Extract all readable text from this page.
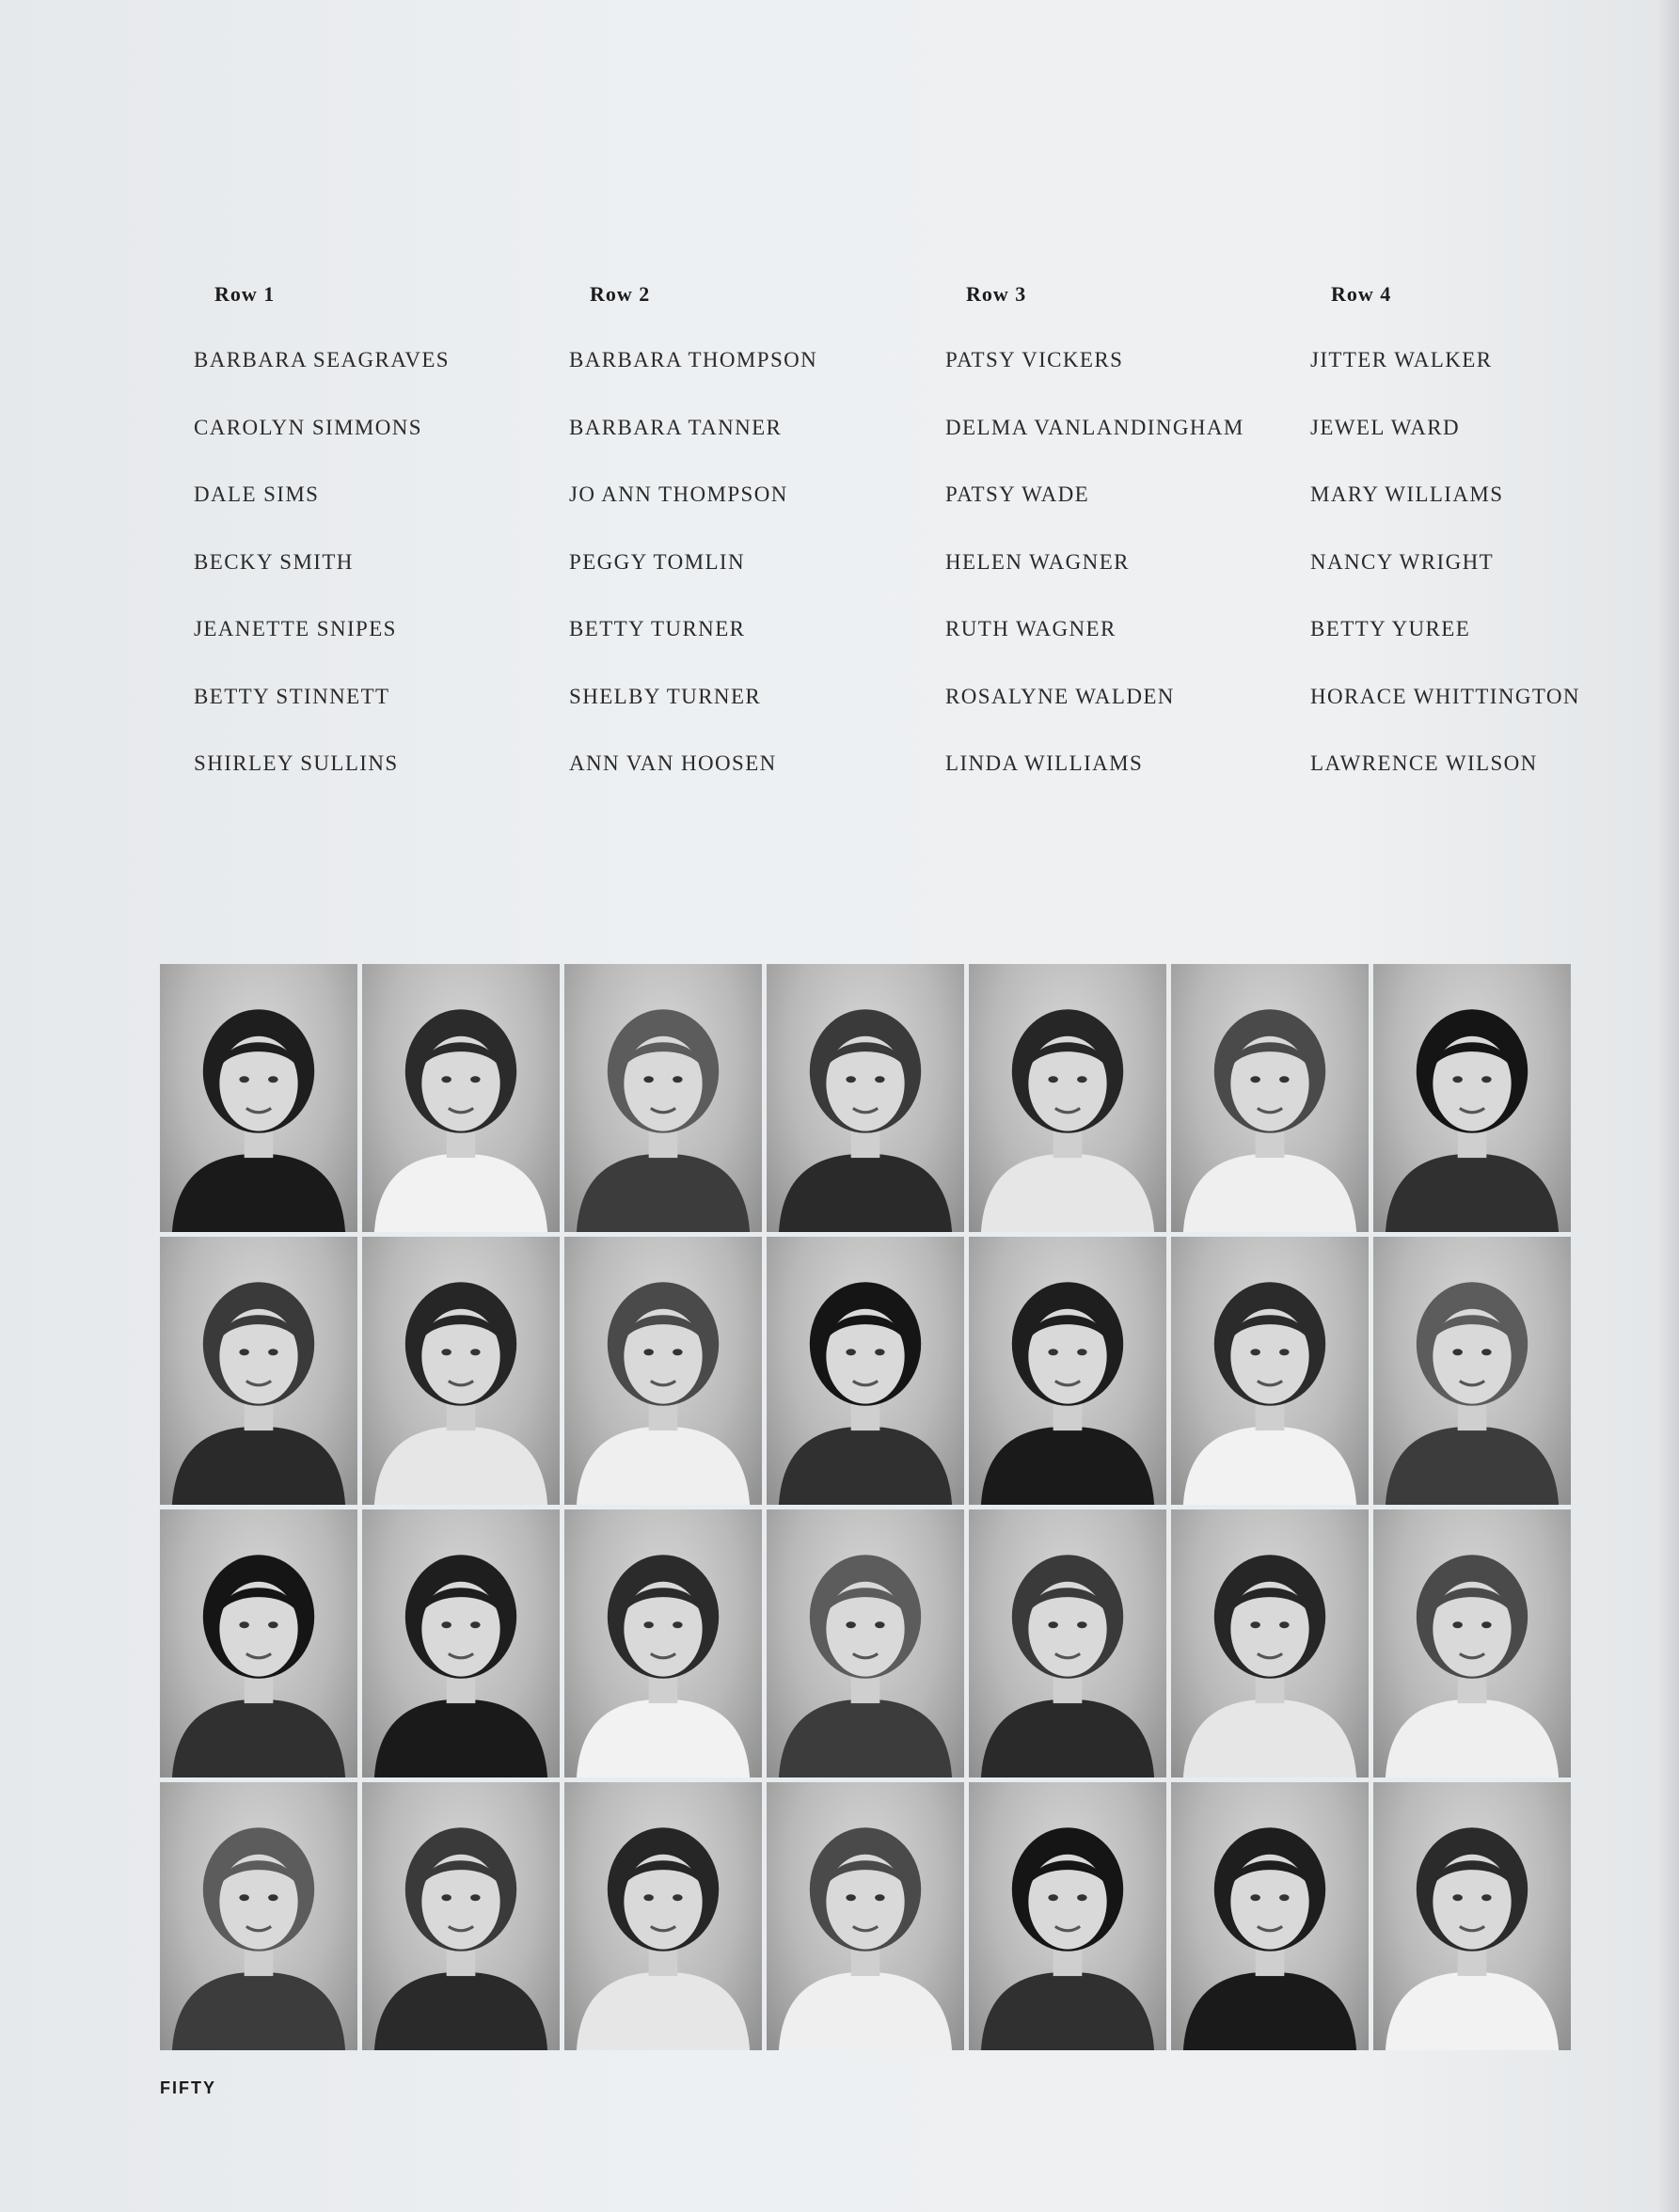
Row 1
BARBARA SEAGRAVES
CAROLYN SIMMONS
DALE SIMS
BECKY SMITH
JEANETTE SNIPES
BETTY STINNETT
SHIRLEY SULLINS
Row 2
BARBARA THOMPSON
BARBARA TANNER
JO ANN THOMPSON
PEGGY TOMLIN
BETTY TURNER
SHELBY TURNER
ANN VAN HOOSEN
Row 3
PATSY VICKERS
DELMA VANLANDINGHAM
PATSY WADE
HELEN WAGNER
RUTH WAGNER
ROSALYNE WALDEN
LINDA WILLIAMS
Row 4
JITTER WALKER
JEWEL WARD
MARY WILLIAMS
NANCY WRIGHT
BETTY YUREE
HORACE WHITTINGTON
LAWRENCE WILSON
FIFTY
